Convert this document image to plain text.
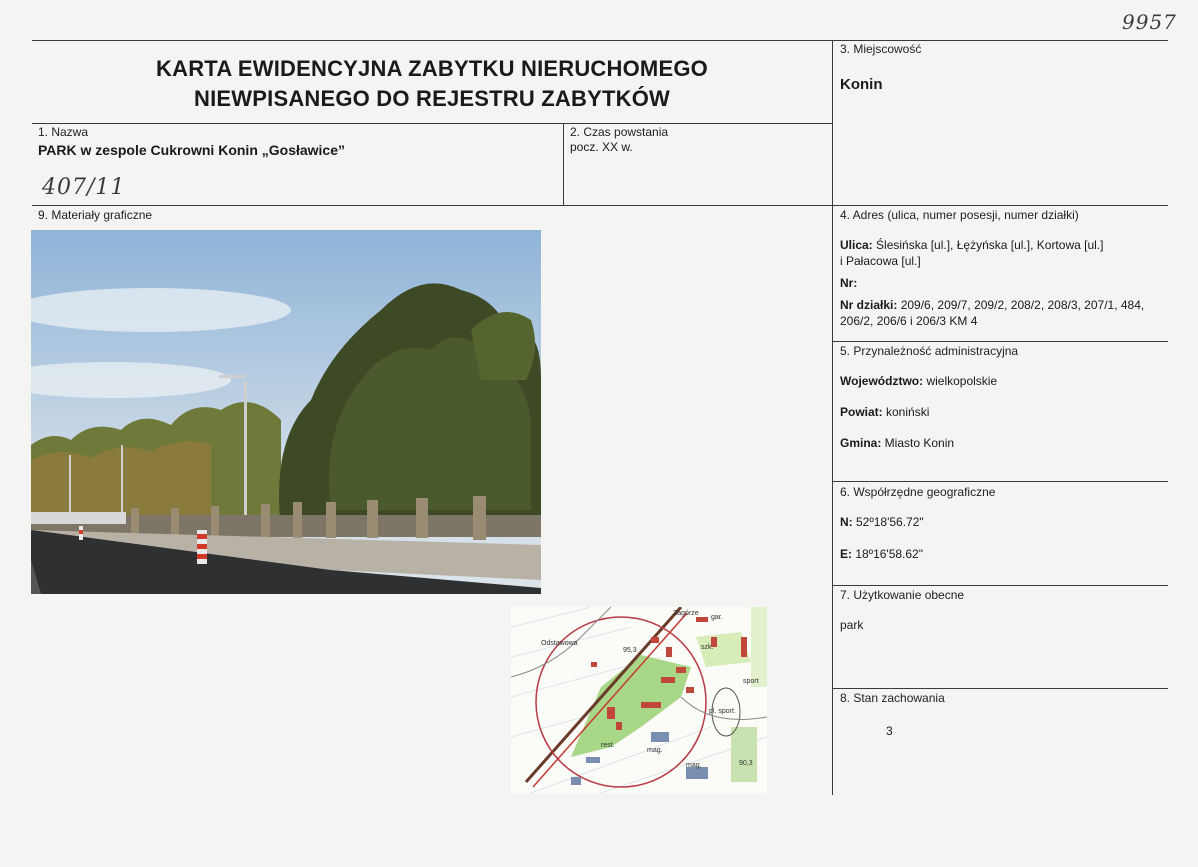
9957
KARTA EWIDENCYJNA ZABYTKU NIERUCHOMEGO
NIEWPISANEGO DO REJESTRU ZABYTKÓW
3. Miejscowość
Konin
1. Nazwa
PARK w zespole Cukrowni Konin „Gosławice”
2. Czas powstania
pocz. XX w.
407/11
9. Materiały graficzne	4. Adres (ulica, numer posesji, numer działki)
Ulica: Ślesińska [ul.], Łężyńska [ul.], Kortowa [ul.]
i Pałacowa [ul.]
Nr:
Nr działki: 209/6, 209/7, 209/2, 208/2, 208/3, 207/1, 484,
206/2, 206/6 i 206/3 KM 4
5. Przynależność administracyjna
Województwo: wielkopolskie
Powiat: koniński
Gmina: Miasto Konin
6. Współrzędne geograficzne
N: 52º18'56.72"
E: 18º16'58.62"
7. Użytkowanie obecne
park
8. Stan zachowania
3
Zagórze
gar.
Odstawowa
95,3	szk.
sport
pl. sport.
rest.
mag.
mag.	90,3
